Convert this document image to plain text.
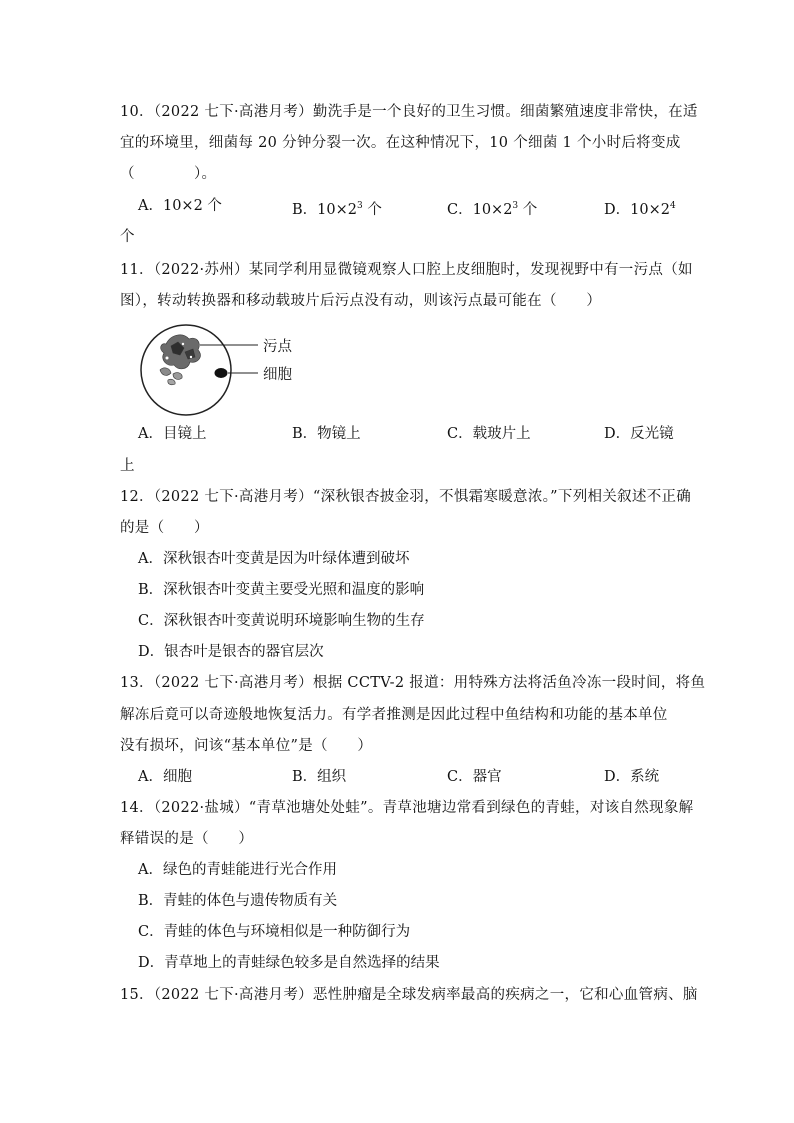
10．（2022 七下·高港月考）勤洗手是一个良好的卫生习惯。细菌繁殖速度非常快，在适
宜的环境里，细菌每 20 分钟分裂一次。在这种情况下，10 个细菌 1 个小时后将变成
（　　　　）。
A．10×2 个	B．$10\times 2^3$ 个	C．$10\times 2^3$ 个	D．$10\times 2^4$
个
11．（2022·苏州）某同学利用显微镜观察人口腔上皮细胞时，发现视野中有一污点（如
图），转动转换器和移动载玻片后污点没有动，则该污点最可能在（　　）
污点
细胞
A．目镜上	B．物镜上	C．载玻片上	D．反光镜
上
12．（2022 七下·高港月考）“深秋银杏披金羽，不惧霜寒暖意浓。”下列相关叙述不正确
的是（　　）
A．深秋银杏叶变黄是因为叶绿体遭到破坏
B．深秋银杏叶变黄主要受光照和温度的影响
C．深秋银杏叶变黄说明环境影响生物的生存
D．银杏叶是银杏的器官层次
13．（2022 七下·高港月考）根据 CCTV-2 报道：用特殊方法将活鱼冷冻一段时间，将鱼
解冻后竟可以奇迹般地恢复活力。有学者推测是因此过程中鱼结构和功能的基本单位
没有损坏，问该“基本单位”是（　　）
A．细胞	B．组织	C．器官	D．系统
14．（2022·盐城）“青草池塘处处蛙”。青草池塘边常看到绿色的青蛙，对该自然现象解
释错误的是（　　）
A．绿色的青蛙能进行光合作用
B．青蛙的体色与遗传物质有关
C．青蛙的体色与环境相似是一种防御行为
D．青草地上的青蛙绿色较多是自然选择的结果
15．（2022 七下·高港月考）恶性肿瘤是全球发病率最高的疾病之一，它和心血管病、脑
